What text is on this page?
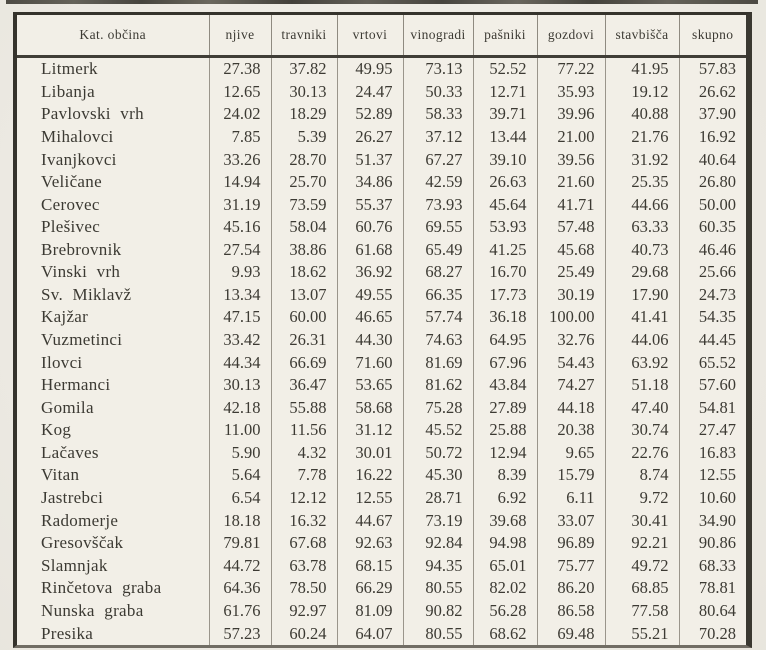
Kat. občina	njive	travniki	vrtovi	vinogradi	pašniki	gozdovi	stavbišča	skupno
Litmerk	27.38	37.82	49.95	73.13	52.52	77.22	41.95	57.83
Libanja	12.65	30.13	24.47	50.33	12.71	35.93	19.12	26.62
Pavlovski vrh	24.02	18.29	52.89	58.33	39.71	39.96	40.88	37.90
Mihalovci	7.85	5.39	26.27	37.12	13.44	21.00	21.76	16.92
Ivanjkovci	33.26	28.70	51.37	67.27	39.10	39.56	31.92	40.64
Veličane	14.94	25.70	34.86	42.59	26.63	21.60	25.35	26.80
Cerovec	31.19	73.59	55.37	73.93	45.64	41.71	44.66	50.00
Plešivec	45.16	58.04	60.76	69.55	53.93	57.48	63.33	60.35
Brebrovnik	27.54	38.86	61.68	65.49	41.25	45.68	40.73	46.46
Vinski vrh	9.93	18.62	36.92	68.27	16.70	25.49	29.68	25.66
Sv. Miklavž	13.34	13.07	49.55	66.35	17.73	30.19	17.90	24.73
Kajžar	47.15	60.00	46.65	57.74	36.18	100.00	41.41	54.35
Vuzmetinci	33.42	26.31	44.30	74.63	64.95	32.76	44.06	44.45
Ilovci	44.34	66.69	71.60	81.69	67.96	54.43	63.92	65.52
Hermanci	30.13	36.47	53.65	81.62	43.84	74.27	51.18	57.60
Gomila	42.18	55.88	58.68	75.28	27.89	44.18	47.40	54.81
Kog	11.00	11.56	31.12	45.52	25.88	20.38	30.74	27.47
Lačaves	5.90	4.32	30.01	50.72	12.94	9.65	22.76	16.83
Vitan	5.64	7.78	16.22	45.30	8.39	15.79	8.74	12.55
Jastrebci	6.54	12.12	12.55	28.71	6.92	6.11	9.72	10.60
Radomerje	18.18	16.32	44.67	73.19	39.68	33.07	30.41	34.90
Gresovščak	79.81	67.68	92.63	92.84	94.98	96.89	92.21	90.86
Slamnjak	44.72	63.78	68.15	94.35	65.01	75.77	49.72	68.33
Rinčetova graba	64.36	78.50	66.29	80.55	82.02	86.20	68.85	78.81
Nunska graba	61.76	92.97	81.09	90.82	56.28	86.58	77.58	80.64
Presika	57.23	60.24	64.07	80.55	68.62	69.48	55.21	70.28
